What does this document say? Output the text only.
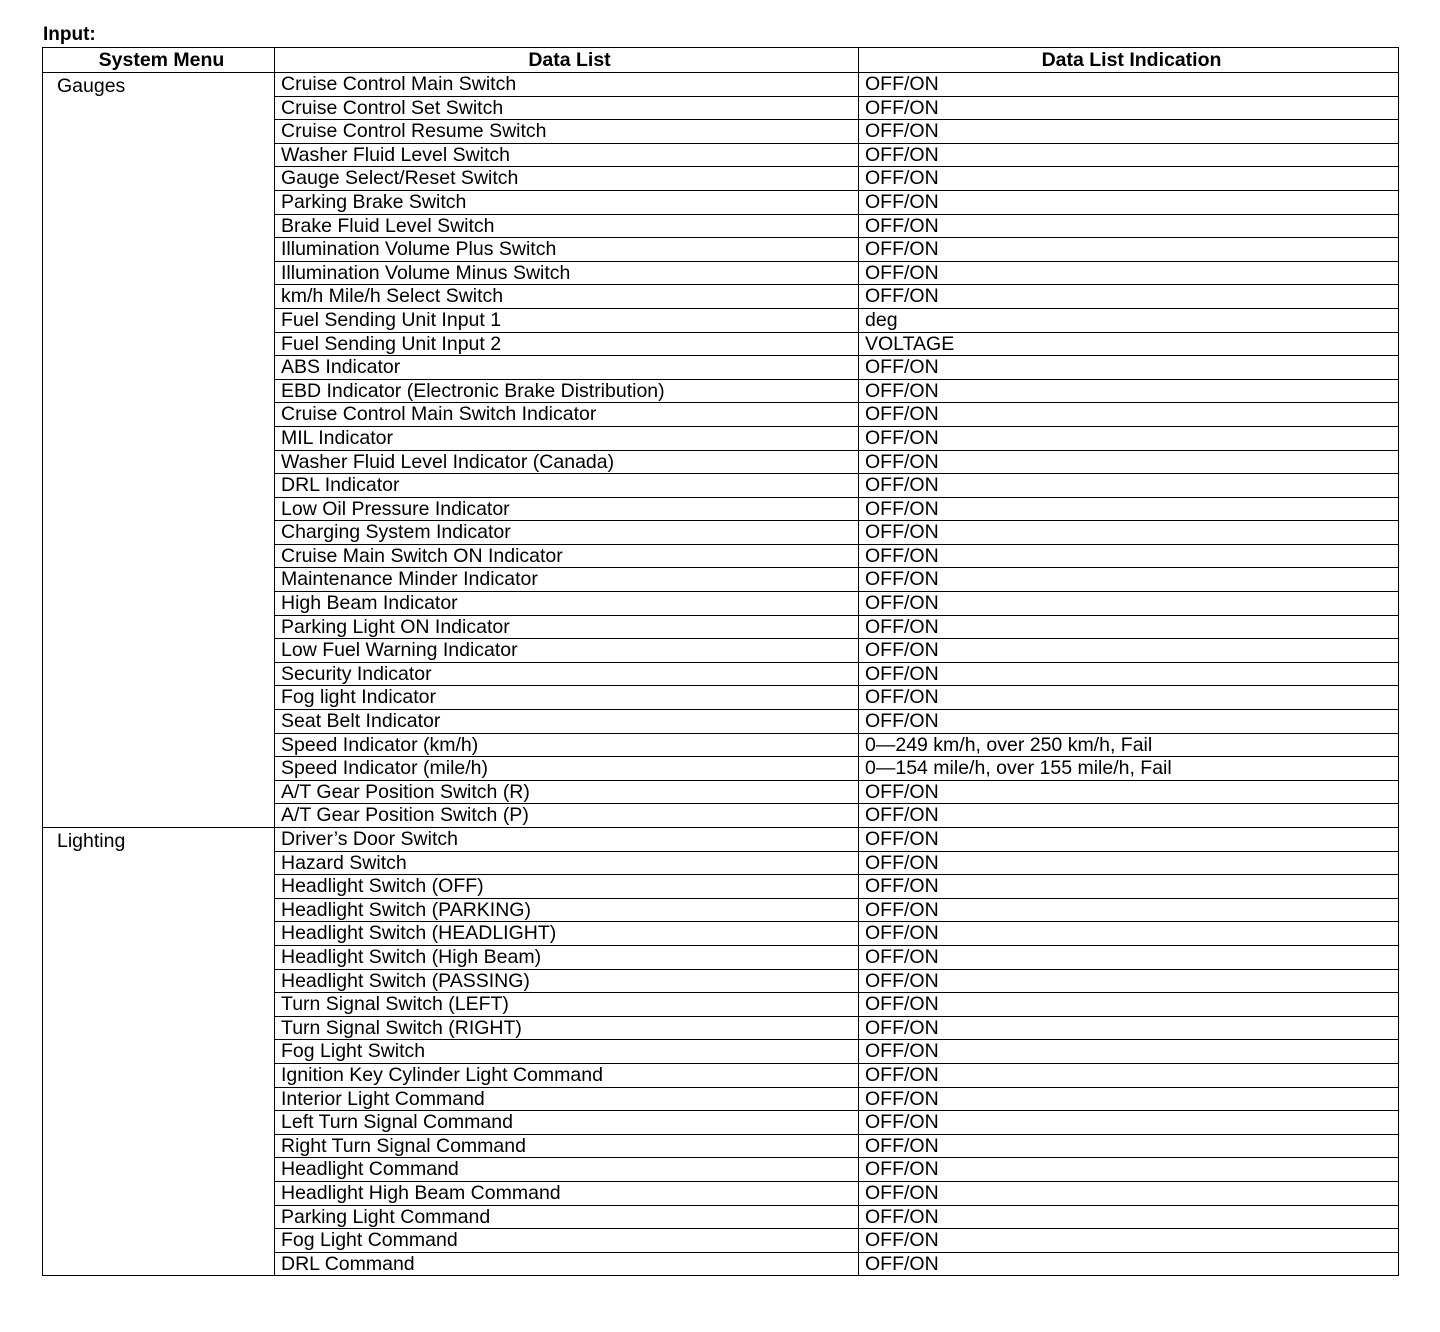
Input:
System Menu	Data List	Data List Indication
Gauges	Cruise Control Main Switch	OFF/ON
	Cruise Control Set Switch	OFF/ON
	Cruise Control Resume Switch	OFF/ON
	Washer Fluid Level Switch	OFF/ON
	Gauge Select/Reset Switch	OFF/ON
	Parking Brake Switch	OFF/ON
	Brake Fluid Level Switch	OFF/ON
	Illumination Volume Plus Switch	OFF/ON
	Illumination Volume Minus Switch	OFF/ON
	km/h Mile/h Select Switch	OFF/ON
	Fuel Sending Unit Input 1	deg
	Fuel Sending Unit Input 2	VOLTAGE
	ABS Indicator	OFF/ON
	EBD Indicator (Electronic Brake Distribution)	OFF/ON
	Cruise Control Main Switch Indicator	OFF/ON
	MIL Indicator	OFF/ON
	Washer Fluid Level Indicator (Canada)	OFF/ON
	DRL Indicator	OFF/ON
	Low Oil Pressure Indicator	OFF/ON
	Charging System Indicator	OFF/ON
	Cruise Main Switch ON Indicator	OFF/ON
	Maintenance Minder Indicator	OFF/ON
	High Beam Indicator	OFF/ON
	Parking Light ON Indicator	OFF/ON
	Low Fuel Warning Indicator	OFF/ON
	Security Indicator	OFF/ON
	Fog light Indicator	OFF/ON
	Seat Belt Indicator	OFF/ON
	Speed Indicator (km/h)	0—249 km/h, over 250 km/h, Fail
	Speed Indicator (mile/h)	0—154 mile/h, over 155 mile/h, Fail
	A/T Gear Position Switch (R)	OFF/ON
	A/T Gear Position Switch (P)	OFF/ON
Lighting	Driver’s Door Switch	OFF/ON
	Hazard Switch	OFF/ON
	Headlight Switch (OFF)	OFF/ON
	Headlight Switch (PARKING)	OFF/ON
	Headlight Switch (HEADLIGHT)	OFF/ON
	Headlight Switch (High Beam)	OFF/ON
	Headlight Switch (PASSING)	OFF/ON
	Turn Signal Switch (LEFT)	OFF/ON
	Turn Signal Switch (RIGHT)	OFF/ON
	Fog Light Switch	OFF/ON
	Ignition Key Cylinder Light Command	OFF/ON
	Interior Light Command	OFF/ON
	Left Turn Signal Command	OFF/ON
	Right Turn Signal Command	OFF/ON
	Headlight Command	OFF/ON
	Headlight High Beam Command	OFF/ON
	Parking Light Command	OFF/ON
	Fog Light Command	OFF/ON
	DRL Command	OFF/ON
